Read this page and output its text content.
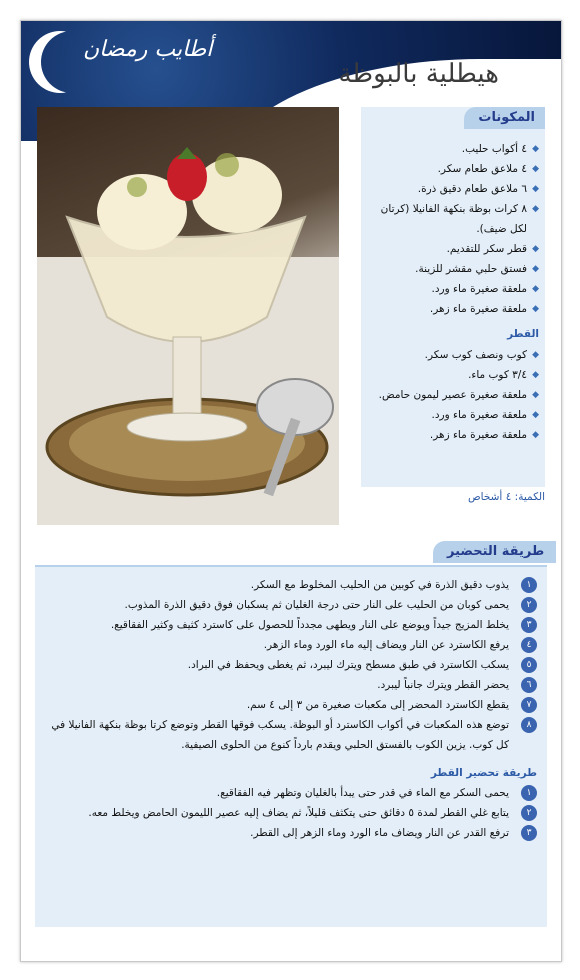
أطايب رمضان
هيطلية بالبوظة
المكونات
◆
٤ أكواب حليب.
◆
٤ ملاعق طعام سكر.
◆
٦ ملاعق طعام دقيق ذرة.
◆
٨ كرات بوظة بنكهة الفانيلا (كرتان لكل ضيف).
◆
قطر سكر للتقديم.
◆
فستق حلبي مقشر للزينة.
◆
ملعقة صغيرة ماء ورد.
◆
ملعقة صغيرة ماء زهر.
القطر
◆
كوب ونصف كوب سكر.
◆
٣/٤ كوب ماء.
◆
ملعقة صغيرة عصير ليمون حامض.
◆
ملعقة صغيرة ماء ورد.
◆
ملعقة صغيرة ماء زهر.
الكمية: ٤ أشخاص
طريقة التحضير
١
يذوب دقيق الذرة في كوبين من الحليب المخلوط مع السكر.
٢
يحمى كوبان من الحليب على النار حتى درجة الغليان ثم يسكبان فوق دقيق الذرة المذوب.
٣
يخلط المزيج جيداً ويوضع على النار ويطهى مجدداً للحصول على كاسترد كثيف وكثير الفقاقيع.
٤
يرفع الكاسترد عن النار ويضاف إليه ماء الورد وماء الزهر.
٥
يسكب الكاسترد في طبق مسطح ويترك ليبرد، ثم يغطى ويحفظ في البراد.
٦
يحضر القطر ويترك جانباً ليبرد.
٧
يقطع الكاسترد المحضر إلى مكعبات صغيرة من ٣ إلى ٤ سم.
٨
توضع هذه المكعبات في أكواب الكاسترد أو البوظة. يسكب فوقها القطر وتوضع كرتا بوظة بنكهة الفانيلا في كل كوب. يزين الكوب بالفستق الحلبي ويقدم بارداً كنوع من الحلوى الصيفية.
طريقة تحضير القطر
١
يحمى السكر مع الماء في قدر حتى يبدأ بالغليان وتظهر فيه الفقاقيع.
٢
يتابع غلي القطر لمدة ٥ دقائق حتى يتكثف قليلاً، ثم يضاف إليه عصير الليمون الحامض ويخلط معه.
٣
ترفع القدر عن النار ويضاف ماء الورد وماء الزهر إلى القطر.
